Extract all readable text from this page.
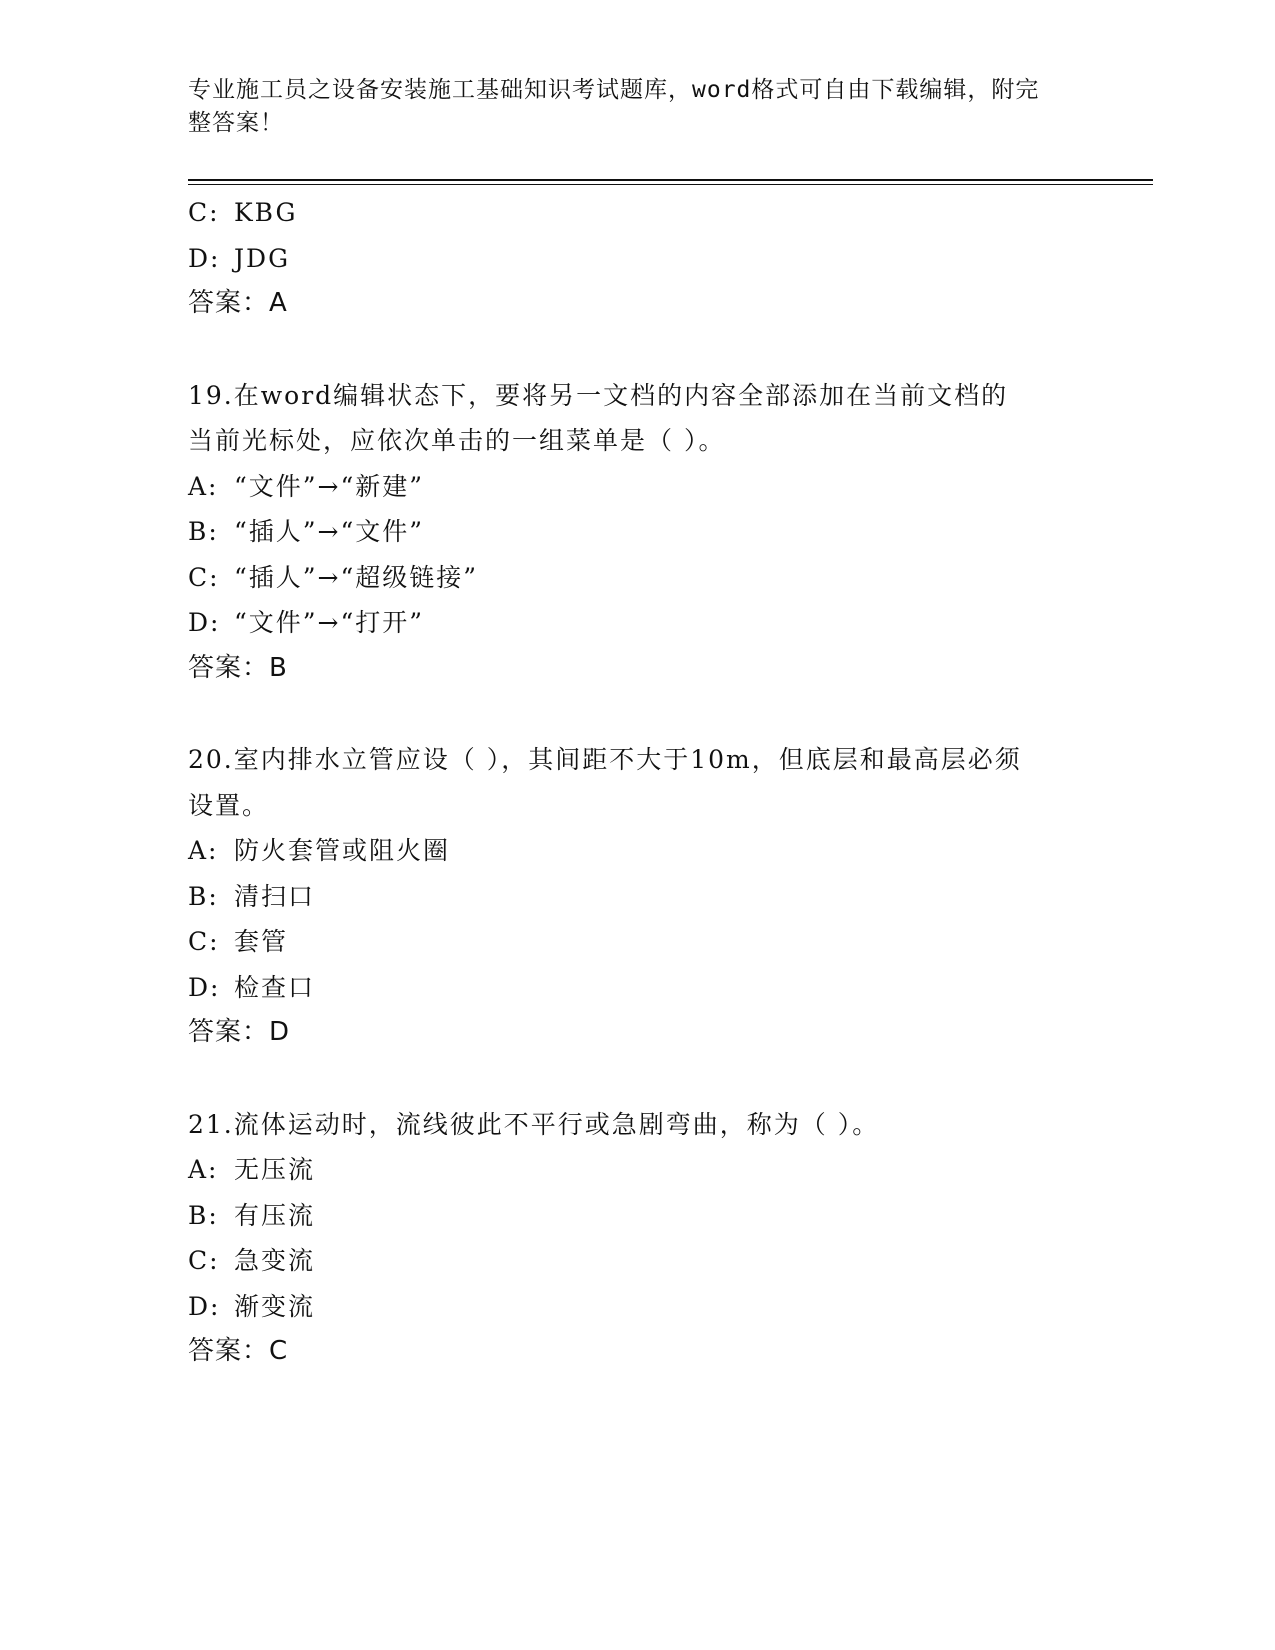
专业施工员之设备安装施工基础知识考试题库，word格式可自由下载编辑，附完
整答案！
C: KBG
D: JDG
答案：A
19.在word编辑状态下，要将另一文档的内容全部添加在当前文档的
当前光标处，应依次单击的一组菜单是（ ）。
A: “文件”→“新建”
B: “插人”→“文件”
C: “插人”→“超级链接”
D: “文件”→“打开”
答案：B
20.室内排水立管应设（ ），其间距不大于10m，但底层和最高层必须
设置。
A: 防火套管或阻火圈
B: 清扫口
C: 套管
D: 检查口
答案：D
21.流体运动时，流线彼此不平行或急剧弯曲，称为（ ）。
A: 无压流
B: 有压流
C: 急变流
D: 渐变流
答案：C
